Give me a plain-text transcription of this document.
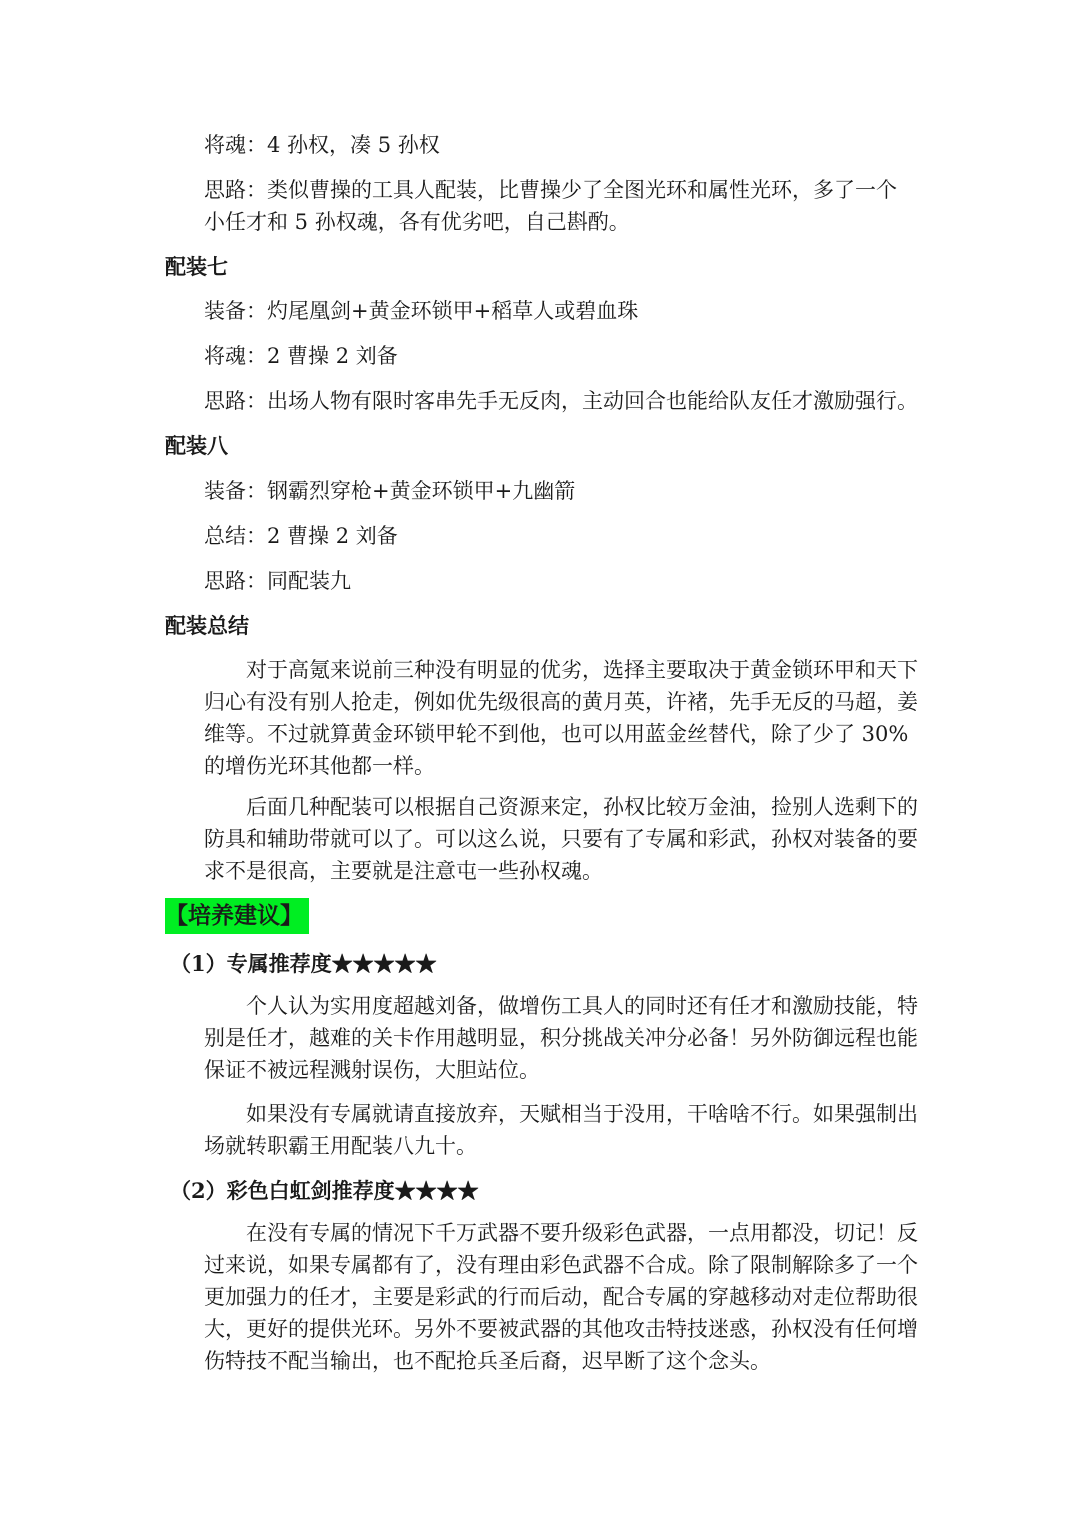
将魂：4 孙权，凑 5 孙权
思路：类似曹操的工具人配装，比曹操少了全图光环和属性光环，多了一个
小任才和 5 孙权魂，各有优劣吧，自己斟酌。
配装七
装备：灼尾凰剑+黄金环锁甲+稻草人或碧血珠
将魂：2 曹操 2 刘备
思路：出场人物有限时客串先手无反肉，主动回合也能给队友任才激励强行。
配装八
装备：钢霸烈穿枪+黄金环锁甲+九幽箭
总结：2 曹操 2 刘备
思路：同配装九
配装总结
对于高氪来说前三种没有明显的优劣，选择主要取决于黄金锁环甲和天下归心有没有别人抢走，例如优先级很高的黄月英，许褚，先手无反的马超，姜维等。不过就算黄金环锁甲轮不到他，也可以用蓝金丝替代，除了少了 30%的增伤光环其他都一样。
后面几种配装可以根据自己资源来定，孙权比较万金油，捡别人选剩下的防具和辅助带就可以了。可以这么说，只要有了专属和彩武，孙权对装备的要求不是很高，主要就是注意屯一些孙权魂。
【培养建议】
（1）专属推荐度★★★★★
个人认为实用度超越刘备，做增伤工具人的同时还有任才和激励技能，特别是任才，越难的关卡作用越明显，积分挑战关冲分必备！另外防御远程也能保证不被远程溅射误伤，大胆站位。
如果没有专属就请直接放弃，天赋相当于没用，干啥啥不行。如果强制出场就转职霸王用配装八九十。
（2）彩色白虹剑推荐度★★★★
在没有专属的情况下千万武器不要升级彩色武器，一点用都没，切记！反过来说，如果专属都有了，没有理由彩色武器不合成。除了限制解除多了一个更加强力的任才，主要是彩武的行而后动，配合专属的穿越移动对走位帮助很大，更好的提供光环。另外不要被武器的其他攻击特技迷惑，孙权没有任何增伤特技不配当输出，也不配抢兵圣后裔，迟早断了这个念头。
